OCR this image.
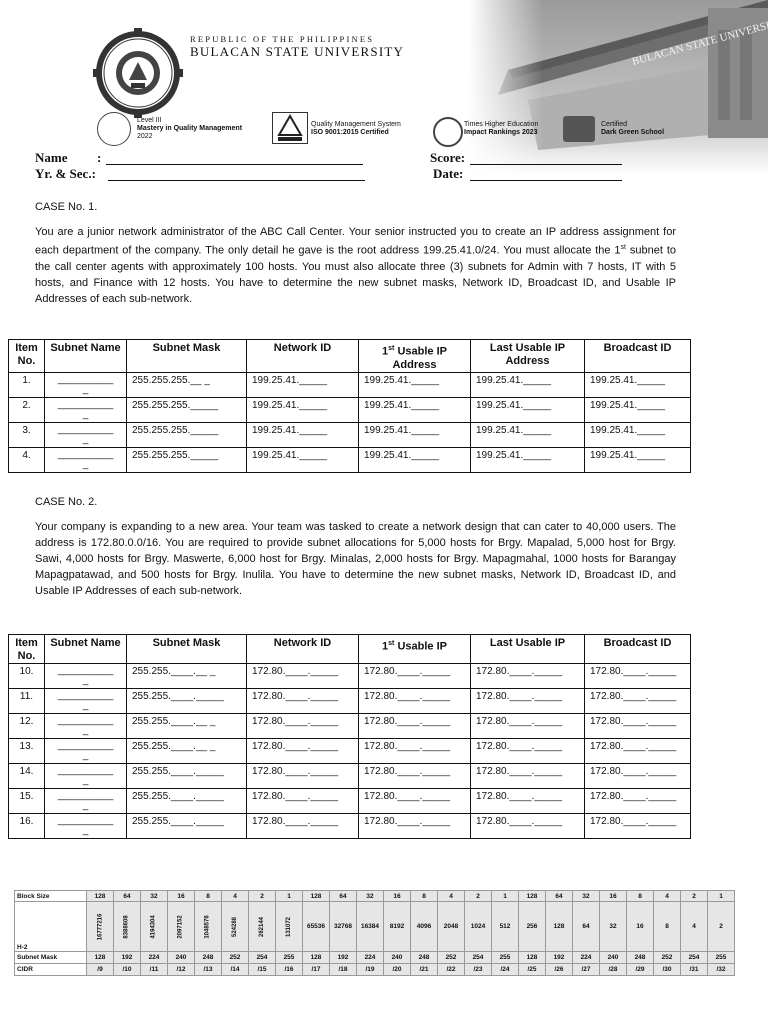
REPUBLIC OF THE PHILIPPINES
BULACAN STATE UNIVERSITY
Level III
Mastery in Quality Management
2022
Quality Management System
ISO 9001:2015 Certified
Times Higher Education
Impact Rankings 2023
Certified
Dark Green School
Name :
Yr. & Sec.:
Score:
Date:
CASE No. 1.

You are a junior network administrator of the ABC Call Center. Your senior instructed you to create an IP address assignment for each department of the company. The only detail he gave is the root address 199.25.41.0/24. You must allocate the 1st subnet to the call center agents with approximately 100 hosts. You must also allocate three (3) subnets for Admin with 7 hosts, IT with 5 hosts, and Finance with 12 hosts. You have to determine the new subnet masks, Network ID, Broadcast ID, and Usable IP Addresses of each sub-network.

Item No.	Subnet Name	Subnet Mask	Network ID	1st Usable IP Address	Last Usable IP Address	Broadcast ID
1.	__________
_	255.255.255.__ _	199.25.41._____	199.25.41._____	199.25.41._____	199.25.41._____
2.	__________
_	255.255.255._____	199.25.41._____	199.25.41._____	199.25.41._____	199.25.41._____
3.	__________
_	255.255.255._____	199.25.41._____	199.25.41._____	199.25.41._____	199.25.41._____
4.	__________
_	255.255.255._____	199.25.41._____	199.25.41._____	199.25.41._____	199.25.41._____
CASE No. 2.

Your company is expanding to a new area. Your team was tasked to create a network design that can cater to 40,000 users. The address is 172.80.0.0/16. You are required to provide subnet allocations for 5,000 hosts for Brgy. Mapalad, 5,000 host for Brgy. Sawi, 4,000 hosts for Brgy. Maswerte, 6,000 host for Brgy. Minalas, 2,000 hosts for Brgy. Mapagmahal, 1000 hosts for Barangay Mapagpatawad, and 500 hosts for Brgy. Inulila. You have to determine the new subnet masks, Network ID, Broadcast ID, and Usable IP Addresses of each sub-network.

Item No.	Subnet Name	Subnet Mask	Network ID	1st Usable IP	Last Usable IP	Broadcast ID
10.	__________
_	255.255.____.__ _	172.80.____._____	172.80.____._____	172.80.____._____	172.80.____._____
11.	__________
_	255.255.____._____	172.80.____._____	172.80.____._____	172.80.____._____	172.80.____._____
12.	__________
_	255.255.____.__ _	172.80.____._____	172.80.____._____	172.80.____._____	172.80.____._____
13.	__________
_	255.255.____.__ _	172.80.____._____	172.80.____._____	172.80.____._____	172.80.____._____
14.	__________
_	255.255.____._____	172.80.____._____	172.80.____._____	172.80.____._____	172.80.____._____
15.	__________
_	255.255.____._____	172.80.____._____	172.80.____._____	172.80.____._____	172.80.____._____
16.	__________
_	255.255.____._____	172.80.____._____	172.80.____._____	172.80.____._____	172.80.____._____
Block Size	128	64	32	16	8	4	2	1	128	64	32	16	8	4	2	1	128	64	32	16	8	4	2	1
H-2	16777216	8388608	4194304	2097152	1048576	524288	262144	131072	65536	32768	16384	8192	4096	2048	1024	512	256	128	64	32	16	8	4	2
Subnet Mask	128	192	224	240	248	252	254	255	128	192	224	240	248	252	254	255	128	192	224	240	248	252	254	255
CIDR	/9	/10	/11	/12	/13	/14	/15	/16	/17	/18	/19	/20	/21	/22	/23	/24	/25	/26	/27	/28	/29	/30	/31	/32
